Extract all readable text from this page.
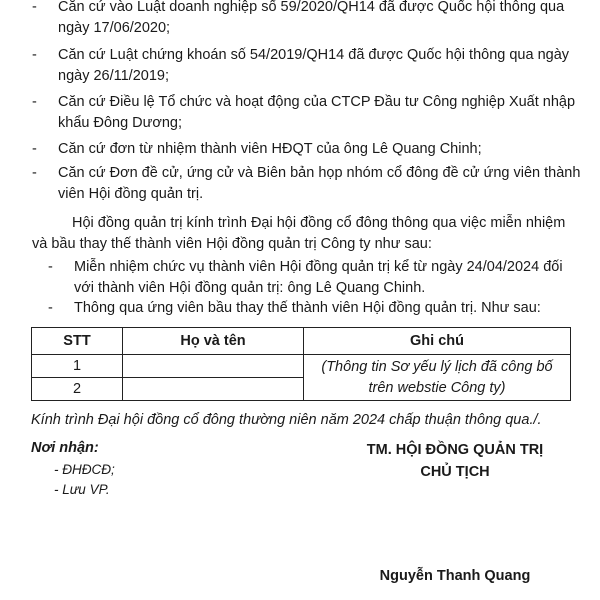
- Căn cứ vào Luật doanh nghiệp số 59/2020/QH14 đã được Quốc hội thông qua
ngày 17/06/2020;
- Căn cứ Luật chứng khoán số 54/2019/QH14 đã được Quốc hội thông qua ngày
ngày 26/11/2019;
- Căn cứ Điều lệ Tổ chức và hoạt động của CTCP Đầu tư Công nghiệp Xuất nhập
khẩu Đông Dương;
- Căn cứ đơn từ nhiệm thành viên HĐQT của ông Lê Quang Chinh;
- Căn cứ Đơn đề cử, ứng cử và Biên bản họp nhóm cổ đông đề cử ứng viên thành
viên Hội đồng quản trị.
Hội đồng quản trị kính trình Đại hội đồng cổ đông thông qua việc miễn nhiệm
và bầu thay thế thành viên Hội đồng quản trị Công ty như sau:
- Miễn nhiệm chức vụ thành viên Hội đồng quản trị kể từ ngày 24/04/2024 đối
với thành viên Hội đồng quản trị: ông Lê Quang Chinh.
- Thông qua ứng viên bầu thay thế thành viên Hội đồng quản trị. Như sau:
STT	Họ và tên	Ghi chú
1		(Thông tin Sơ yếu lý lịch đã công bố
trên webstie Công ty)

2		
Kính trình Đại hội đồng cổ đông thường niên năm 2024 chấp thuận thông qua./.
Nơi nhận:
- ĐHĐCĐ;
- Lưu VP.
TM. HỘI ĐỒNG QUẢN TRỊ
CHỦ TỊCH
Nguyễn Thanh Quang
